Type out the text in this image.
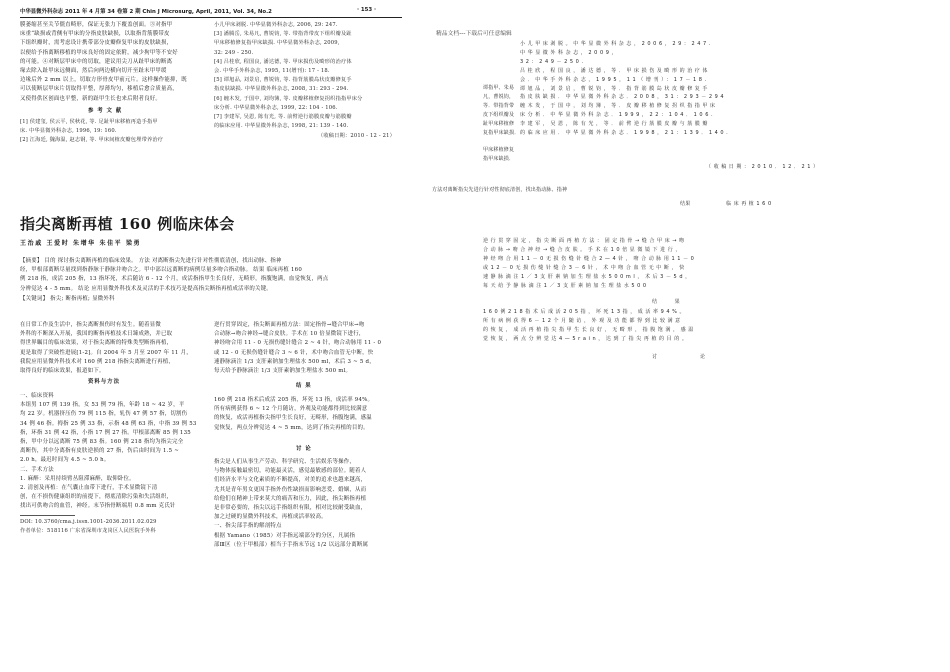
中华显微外科杂志 2011 年 4 月第 34 卷第 2 期 Chin J Microsurg, April, 2011, Vol. 34, No.2	· 153 ·
膜萎缩甚至关节僵直畸形，保证无张力下覆盖创面。③对指甲
床重“缺损或背侧有甲床的分指皮肤缺损，以取指背筋膜带皮
下组织瓣时，需考虑设计携带部分皮瓣修复甲床的皮肤缺损，
以便给予指离断移植的甲床良好的固定依附，减少拘甲等不安好
的可能。④对断层甲床中的切取，建议用尖刀从趾甲床的断离
缘去除入趾甲床远侧面，然后向两边横向切开至趾末甲甲缓
边缘后外 2 mm 以上，切取方形骨皮甲前元片。这样操作能抑，既
可以使断层甲床片切取得平整，厚薄均匀，移植后愈合质量高，
又使得供区创面也平整，新的趾甲生长也来后附者良好。
参 考 文 献
[1] 侯建玺, 侯云平, 侯秋花, 等. 足趾甲床移植再造手指甲
床. 中华显微外科杂志, 1996, 19: 160.
[2] 江海廷, 魏海温, 赵志钢, 等. 甲床间植皮瓣包埋带养治疗
小儿甲床剥脱. 中华显微外科杂志, 2006, 29: 247.
[3] 潘腾岳, 朱易凡, 曹锐钧, 等. 带指背带皮下组织瓣及趾
甲床移植修复指甲床缺损. 中华显微外科杂志, 2009,
32: 249 - 250.
[4] 吕桂欣, 程国良, 潘达德, 等. 甲床损伤及畸形的治疗体
会. 中华手外科杂志, 1995, 11(增刊): 17 - 18.
[5] 谭旭品, 刘景启, 曹锐钧, 等. 指背筋膜岛状皮瓣修复手
指皮肤缺损. 中华显微外科杂志, 2008, 31: 293 - 294.
[6] 缠木发, 于国中, 刘均簿, 等. 皮瓣移植修复拐织指指甲床分
床分析. 中华显微外科杂志, 1999, 22: 104 - 106.
[7] 李建军, 吴恩, 陈有光, 等. 前臂逆行筋膜皮瓣与筋膜瓣
的临床应用. 中华显微外科杂志, 1998, 21: 139 - 140.
（收稿日期：2010 - 12 - 21）
指尖离断再植 160 例临床体会
王治戚 王爱时 朱增华 朱佳平 梁勇
【摘要】 目的 探讨指尖离断再植的临床效果。 方法 对离断指尖先进行针对性彻底清创，找出动脉、指神
经，甲根部离断尽量找到指静脉于静脉并吻合之。甲中部以远离断的病例尽量多吻合指动脉。 结果 临床再植 160
例 218 指，成活 205 指，13 指坏死，术后随访 6 - 12 个月，成活指指甲生长良好，无畸形，指腹饱满，血觉恢复，两点
分辨觉达 4 - 5 mm。 结论 应用显微外科技术及灵活的手术技巧是提高指尖断指再植成活率的关键。
【关键词】 指尖; 断指再植; 显微外科
在日常工作及生活中，指尖离断损伤时有发生。随着显微
外科的不断深入开展，我国的断指再植技术日臻成熟，并已取
得世界瞩目的临床效果，对于指尖离断的特殊类型断指再植，
更是取得了突破性进展[1-2]。自 2004 年 5 月至 2007 年 11 月，
我院应用显微外科技术对 160 例 218 指指尖离断进行再植，
取得良好的临床效果，报道如下。
资料与方法
一、临床资料
本组男 107 例 139 指，女 53 例 79 指，年龄 18 ~ 42 岁，平
均 22 岁。机器挤压伤 79 例 115 指，轧伤 47 例 57 指，切割伤
34 例 46 指。拇指 25 例 33 指，示指 48 例 63 指，中指 39 例 53
指，环指 31 例 42 指，小指 17 例 27 指。甲根部离断 85 例 135
指，甲中分以远离断 75 例 83 指。160 例 218 指均为指尖完全
离断伤，其中分离指有皮肤逆损的 27 指，伤后由时间为 1.5 ~
2.0 h，最迟时间为 4.5 ~ 5.0 h。
二、手术方法
1. 麻醉：采用持续臂丛阻滞麻醉，取仰卧位。
2. 清创及再植：在气囊止血带下进行，手术显微镜下清
创，在不损伤健康组织的前提下，彻底清除污染和失活组织，
找出可供吻合的血管，神经。末节指骨断端用 0.8 mm 克氏针
DOI: 10.3760/cma.j.issn.1001-2036.2011.02.029
作者单位：518116 广东省深圳市龙岗区人民医院手外科
逆行贯穿固定，指尖断面再植方法：固定指骨→缝合甲床→吻
合动脉→吻合神经→缝合皮肤。手术在 10 倍显微镜下进行，
神经吻合用 11 - 0 无损伤缝针缝合 2 ~ 4 针，吻合动脉用 11 - 0
或 12 - 0 无损伤缝针缝合 3 ~ 6 针，术中吻合血管无中断，快
速静脉滴注 1/3 支肝素钠加生理盐水 500 ml，术后 3 ~ 5 d，
每天给予静脉滴注 1/3 支肝素钠加生理盐水 500 ml。
结 果
160 例 218 指术后成活 205 指，坏死 13 指，成活率 94%。
所有病例获得 6 ~ 12 个月随访，外观及功能都得到比较满意
的恢复，成活再植指尖指甲生长良好，无畸形，指腹饱满，感温
觉恢复，两点分辨觉达 4 ~ 5 mm，达到了指尖再植的目的。
讨 论
指尖是人们从事生产劳动、科学研究、生活娱乐等操作，
与物体接触最密切，功能最灵活，感觉最敏感的部位。随着人
们经济水平与文化素质的不断提高，对美的追求也越来越高，
尤其是青年男女更因手指外伤性缺损而影响恋爱、婚姻，从而
给他们在精神上带来莫大的痛苦和压力，因此，指尖断指再植
是非常必要的，指尖以远手指组织有限，相对比较耐受缺血，
加之过硬的显微外科技术，再植成活率较高。
一、指尖部手指的解剖特点
根据 Yamano（1985）对手指远端部分的分区，凡属指
部Ⅲ区（位于甲根部）相当于手指末节远 1/2 以远部分离断属
精品文档---下载后可任意编辑
小儿甲床剥脱。中华显微外科杂志，2006，29：247.
中华显微外科杂志，2009，
32：249－250.
吕桂欣，程国良，潘达德，等．甲床损伤及畸形的治疗体
会．中华手外科杂志，1995，11（增刊）：17－18.
谭旭品，刘景启，曹锐钧，等．指背筋膜岛状皮瓣修复手
指皮肤缺损．中华显微外科杂志．2008，31：293－294
缠木发，于国中，刘均簿，等．皮瓣移植修复拐织指指甲床
床分析．中华显微外科杂志．1999，22：104．106.
李建军，吴恩，陈有光，等．前臂逆行筋膜皮瓣与筋膜瓣
的临床应用．中华显微外科杂志．1998，21：139．140.
谭指甲、朱易
凡，曹锐钧，
等．带指背带
皮下组织瓣及
趾甲床移植修
复指甲床缺损．
甲床移植修复
指甲床缺损．
（收稿日期：2010．12．21）
方法对离断指尖先进行针对性彻底清创，找出指动脉、指神
结果	临床再植160
逆行贯穿固定，指尖断面再植方法：固定指骨→缝合甲床→吻
合动脉→吻合神经→缝合皮肤。手术在10倍显微镜下进行，
神经吻合用11－0无损伤缝针缝合2—4针，吻合动脉用11－0
或12－0无损伤缝针缝合3－6针，术中吻合血管无中断，快
速静脉滴注1／3支肝素钠加生理盐水500ml，术后3－5d，
每天给予静脉滴注1／3支肝素钠加生理盐水500
结 果
160例218指术后成活205指，坏死13指，成活率94%。
所有病例获得6－12个月随访，外观及功能都得到比较满意
的恢复，成活再植指尖指甲生长良好，无畸形，指腹饱满，感温
觉恢复，两点分辨觉达4—5rain，达到了指尖再植的目的。
讨	论
